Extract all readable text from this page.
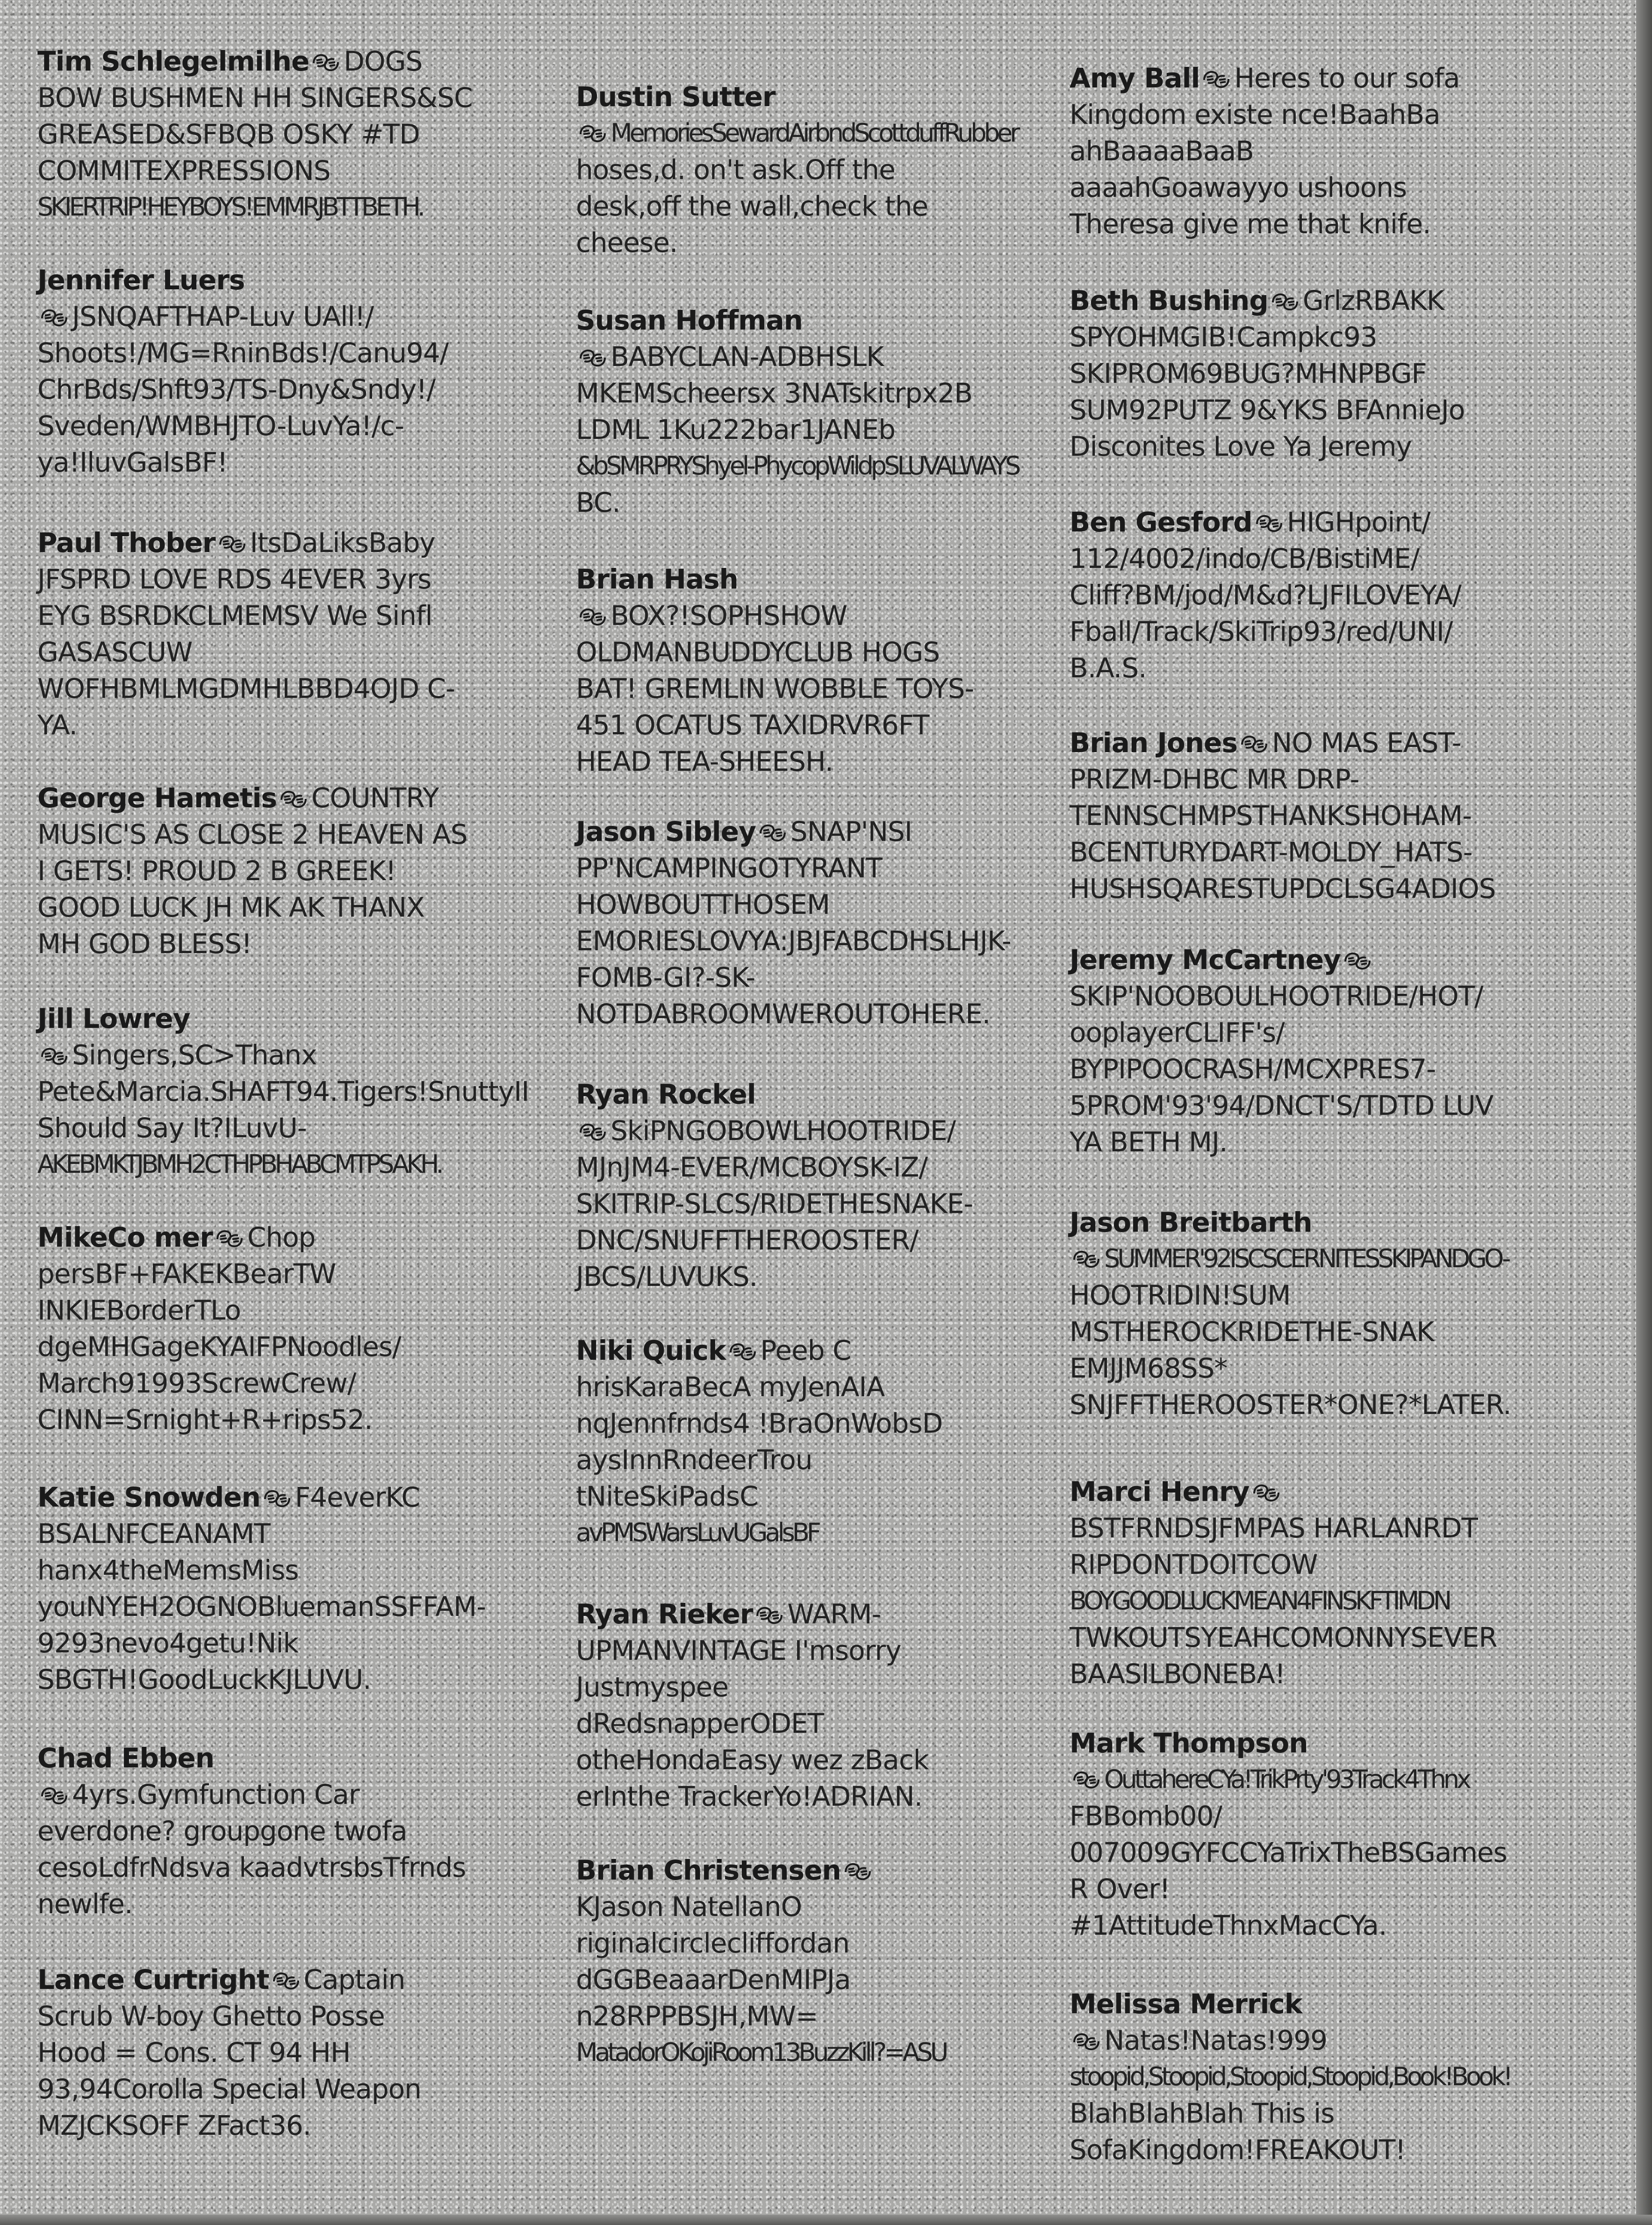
Tim Schlegelmilhe DOGS
BOW BUSHMEN HH SINGERS&SC
GREASED&SFBQB OSKY #TD
COMMITEXPRESSIONS
SKIERTRIP!HEYBOYS!EMMRJBTTBETH.
Jennifer Luers
JSNQAFTHAP-Luv UAll!/
Shoots!/MG=RninBds!/Canu94/
ChrBds/Shft93/TS-Dny&Sndy!/
Sveden/WMBHJTO-LuvYa!/c-
ya!IluvGalsBF!
Paul Thober ItsDaLiksBaby
JFSPRD LOVE RDS 4EVER 3yrs
EYG BSRDKCLMEMSV We Sinfl
GASASCUW
WOFHBMLMGDMHLBBD4OJD C-
YA.
George Hametis COUNTRY
MUSIC'S AS CLOSE 2 HEAVEN AS
I GETS! PROUD 2 B GREEK!
GOOD LUCK JH MK AK THANX
MH GOD BLESS!
Jill Lowrey
Singers,SC>Thanx
Pete&Marcia.SHAFT94.Tigers!SnuttyII
Should Say It?ILuvU-
AKEBMKTJBMH2CTHPBHABCMTPSAKH.
MikeCo mer Chop
persBF+FAKEKBearTW
INKIEBorderTLo
dgeMHGageKYAIFPNoodles/
March91993ScrewCrew/
CINN=Srnight+R+rips52.
Katie Snowden F4everKC
BSALNFCEANAMT
hanx4theMemsMiss
youNYEH2OGNOBluemanSSFFAM-
9293nevo4getu!Nik
SBGTH!GoodLuckKJLUVU.
Chad Ebben
4yrs.Gymfunction Car
everdone? groupgone twofa
cesoLdfrNdsva kaadvtrsbsTfrnds
newlfe.
Lance Curtright Captain
Scrub W-boy Ghetto Posse
Hood = Cons. CT 94 HH
93,94Corolla Special Weapon
MZJCKSOFF ZFact36.
Dustin Sutter
MemoriesSewardAirbndScottduffRubber
hoses,d. on't ask.Off the
desk,off the wall,check the
cheese.
Susan Hoffman
BABYCLAN-ADBHSLK
MKEMScheersx 3NATskitrpx2B
LDML 1Ku222bar1JANEb
&bSMRPRYShyel-PhycopWildpSLUVALWAYS
BC.
Brian Hash
BOX?!SOPHSHOW
OLDMANBUDDYCLUB HOGS
BAT! GREMLIN WOBBLE TOYS-
451 OCATUS TAXIDRVR6FT
HEAD TEA-SHEESH.
Jason Sibley SNAP'NSI
PP'NCAMPINGOTYRANT
HOWBOUTTHOSEM
EMORIESLOVYA:JBJFABCDHSLHJK-
FOMB-GI?-SK-
NOTDABROOMWEROUTOHERE.
Ryan Rockel
SkiPNGOBOWLHOOTRIDE/
MJnJM4-EVER/MCBOYSK-IZ/
SKITRIP-SLCS/RIDETHESNAKE-
DNC/SNUFFTHEROOSTER/
JBCS/LUVUKS.
Niki Quick Peeb C
hrisKaraBecA myJenAIA
nqJennfrnds4 !BraOnWobsD
aysInnRndeerTrou
tNiteSkiPadsC
avPMSWarsLuvUGalsBF
Ryan Rieker WARM-
UPMANVINTAGE I'msorry
Justmyspee
dRedsnapperODET
otheHondaEasy wez zBack
erInthe TrackerYo!ADRIAN.
Brian Christensen
KJason NatellanO
riginalcirclecliffordan
dGGBeaaarDenMIPJa
n28RPPBSJH,MW=
MatadorOKojiRoom13BuzzKill?=ASU
Amy Ball Heres to our sofa
Kingdom existe nce!BaahBa
ahBaaaaBaaB
aaaahGoawayyo ushoons
Theresa give me that knife.
Beth Bushing GrlzRBAKK
SPYOHMGIB!Campkc93
SKIPROM69BUG?MHNPBGF
SUM92PUTZ 9&YKS BFAnnieJo
Disconites Love Ya Jeremy
Ben Gesford HIGHpoint/
112/4002/indo/CB/BistiME/
Cliff?BM/jod/M&d?LJFILOVEYA/
Fball/Track/SkiTrip93/red/UNI/
B.A.S.
Brian Jones NO MAS EAST-
PRIZM-DHBC MR DRP-
TENNSCHMPSTHANKSHOHAM-
BCENTURYDART-MOLDY_HATS-
HUSHSQARESTUPDCLSG4ADIOS
Jeremy McCartney
SKIP'NOOBOULHOOTRIDE/HOT/
ooplayerCLIFF's/
BYPIPOOCRASH/MCXPRES7-
5PROM'93'94/DNCT'S/TDTD LUV
YA BETH MJ.
Jason Breitbarth
SUMMER'92ISCSCERNITESSKIPANDGO-
HOOTRIDIN!SUM
MSTHEROCKRIDETHE-SNAK
EMJJM68SS*
SNJFFTHEROOSTER*ONE?*LATER.
Marci Henry
BSTFRNDSJFMPAS HARLANRDT
RIPDONTDOITCOW
BOYGOODLUCKMEAN4FINSKFTIMDN
TWKOUTSYEAHCOMONNYSEVER
BAASILBONEBA!
Mark Thompson
OuttahereCYa!TrikPrty'93Track4Thnx
FBBomb00/
007009GYFCCYaTrixTheBSGames
R Over!
#1AttitudeThnxMacCYa.
Melissa Merrick
Natas!Natas!999
stoopid,Stoopid,Stoopid,Stoopid,Book!Book!
BlahBlahBlah This is
SofaKingdom!FREAKOUT!
